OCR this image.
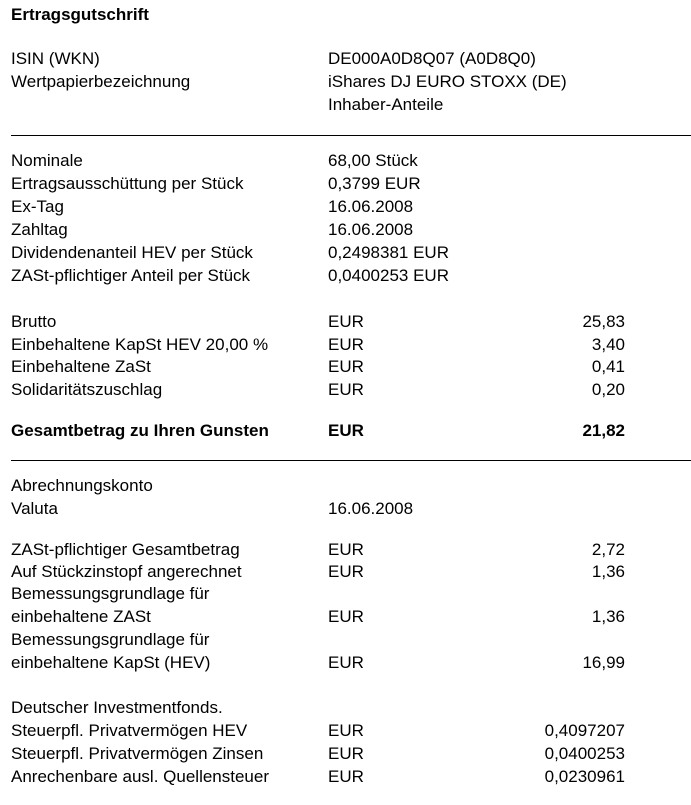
Ertragsgutschrift
ISIN (WKN)	DE000A0D8Q07 (A0D8Q0)
Wertpapierbezeichnung	iShares DJ EURO STOXX (DE)
Inhaber-Anteile
Nominale	68,00 Stück
Ertragsausschüttung per Stück	0,3799 EUR
Ex-Tag	16.06.2008
Zahltag	16.06.2008
Dividendenanteil HEV per Stück	0,2498381 EUR
ZASt-pflichtiger Anteil per Stück	0,0400253 EUR
Brutto	EUR	25,83
Einbehaltene KapSt HEV 20,00 %	EUR	3,40
Einbehaltene ZaSt	EUR	0,41
Solidaritätszuschlag	EUR	0,20
Gesamtbetrag zu Ihren Gunsten	EUR	21,82
Abrechnungskonto
Valuta	16.06.2008
ZASt-pflichtiger Gesamtbetrag	EUR	2,72
Auf Stückzinstopf angerechnet	EUR	1,36
Bemessungsgrundlage für
einbehaltene ZASt	EUR	1,36
Bemessungsgrundlage für
einbehaltene KapSt (HEV)	EUR	16,99
Deutscher Investmentfonds.
Steuerpfl. Privatvermögen HEV	EUR	0,4097207
Steuerpfl. Privatvermögen Zinsen	EUR	0,0400253
Anrechenbare ausl. Quellensteuer	EUR	0,0230961
